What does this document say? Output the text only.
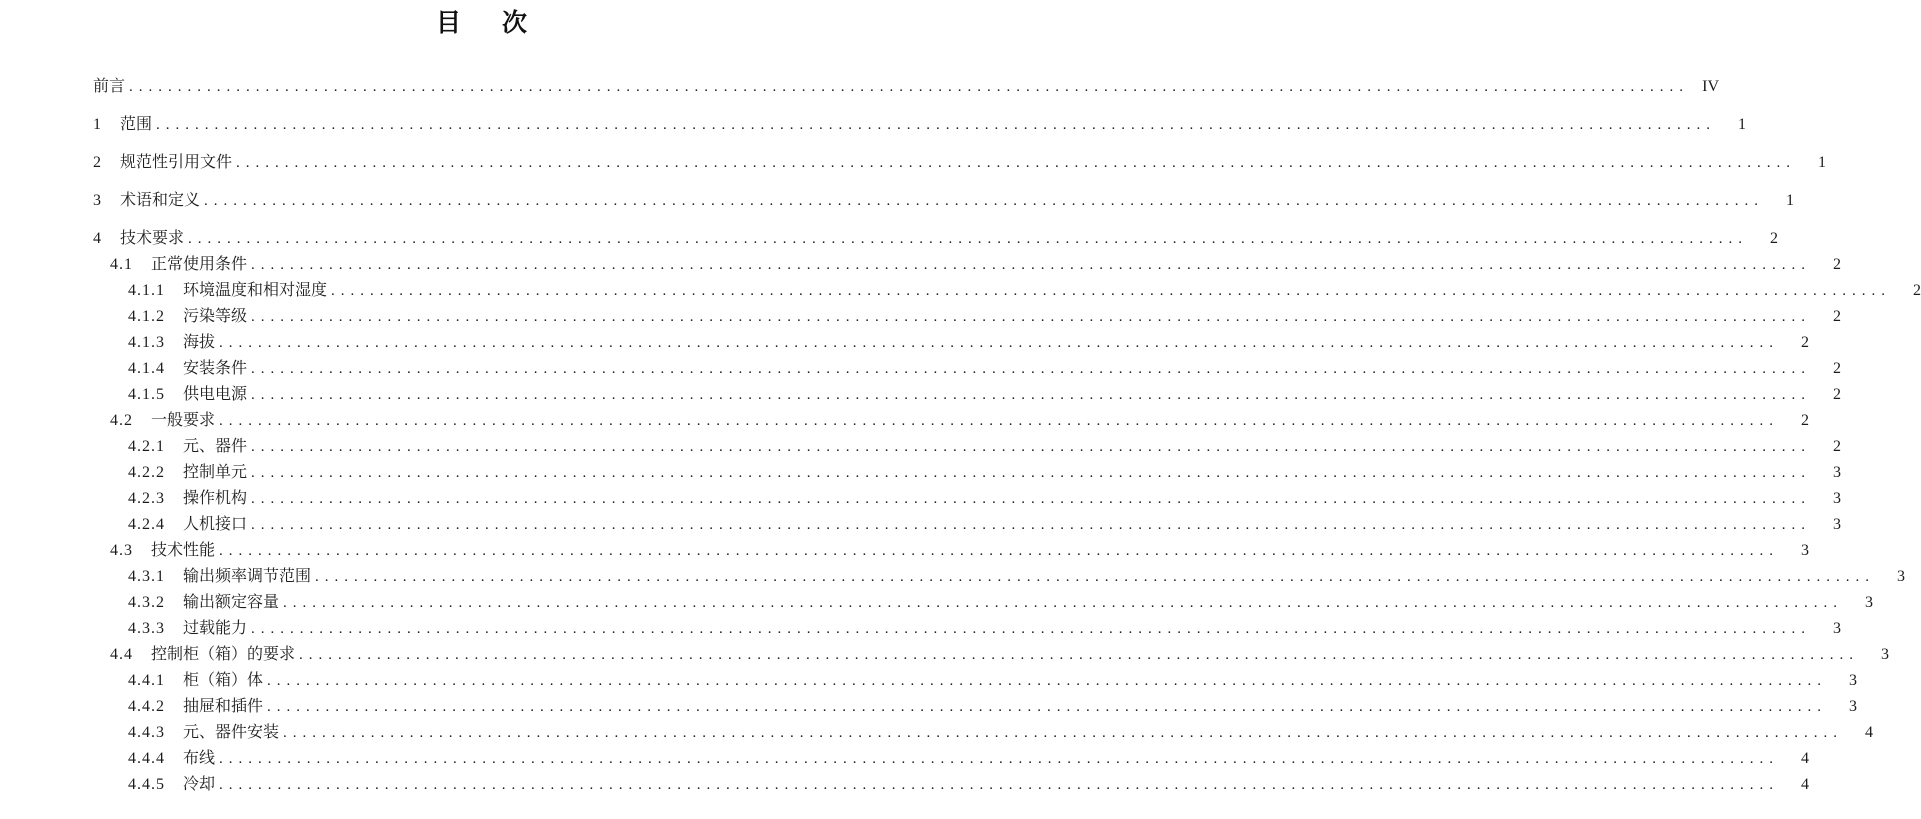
目 次
前言 ................................................................................................................................................................ IV
1 范围 ................................................................................................................................................................	1
2 规范性引用文件 ................................................................................................................................................................	1
3 术语和定义 ................................................................................................................................................................	1
4 技术要求 ................................................................................................................................................................	2
4.1 正常使用条件 ................................................................................................................................................................	2
4.1.1 环境温度和相对湿度 ................................................................................................................................................................	2
4.1.2 污染等级 ................................................................................................................................................................	2
4.1.3 海拔 ................................................................................................................................................................	2
4.1.4 安装条件 ................................................................................................................................................................	2
4.1.5 供电电源 ................................................................................................................................................................	2
4.2 一般要求 ................................................................................................................................................................	2
4.2.1 元、器件 ................................................................................................................................................................	2
4.2.2 控制单元 ................................................................................................................................................................	3
4.2.3 操作机构 ................................................................................................................................................................	3
4.2.4 人机接口 ................................................................................................................................................................	3
4.3 技术性能 ................................................................................................................................................................	3
4.3.1 输出频率调节范围 ................................................................................................................................................................	3
4.3.2 输出额定容量 ................................................................................................................................................................	3
4.3.3 过载能力 ................................................................................................................................................................	3
4.4 控制柜（箱）的要求 ................................................................................................................................................................	3
4.4.1 柜（箱）体 ................................................................................................................................................................	3
4.4.2 抽屉和插件 ................................................................................................................................................................	3
4.4.3 元、器件安装 ................................................................................................................................................................	4
4.4.4 布线 ................................................................................................................................................................	4
4.4.5 冷却 ................................................................................................................................................................	4
